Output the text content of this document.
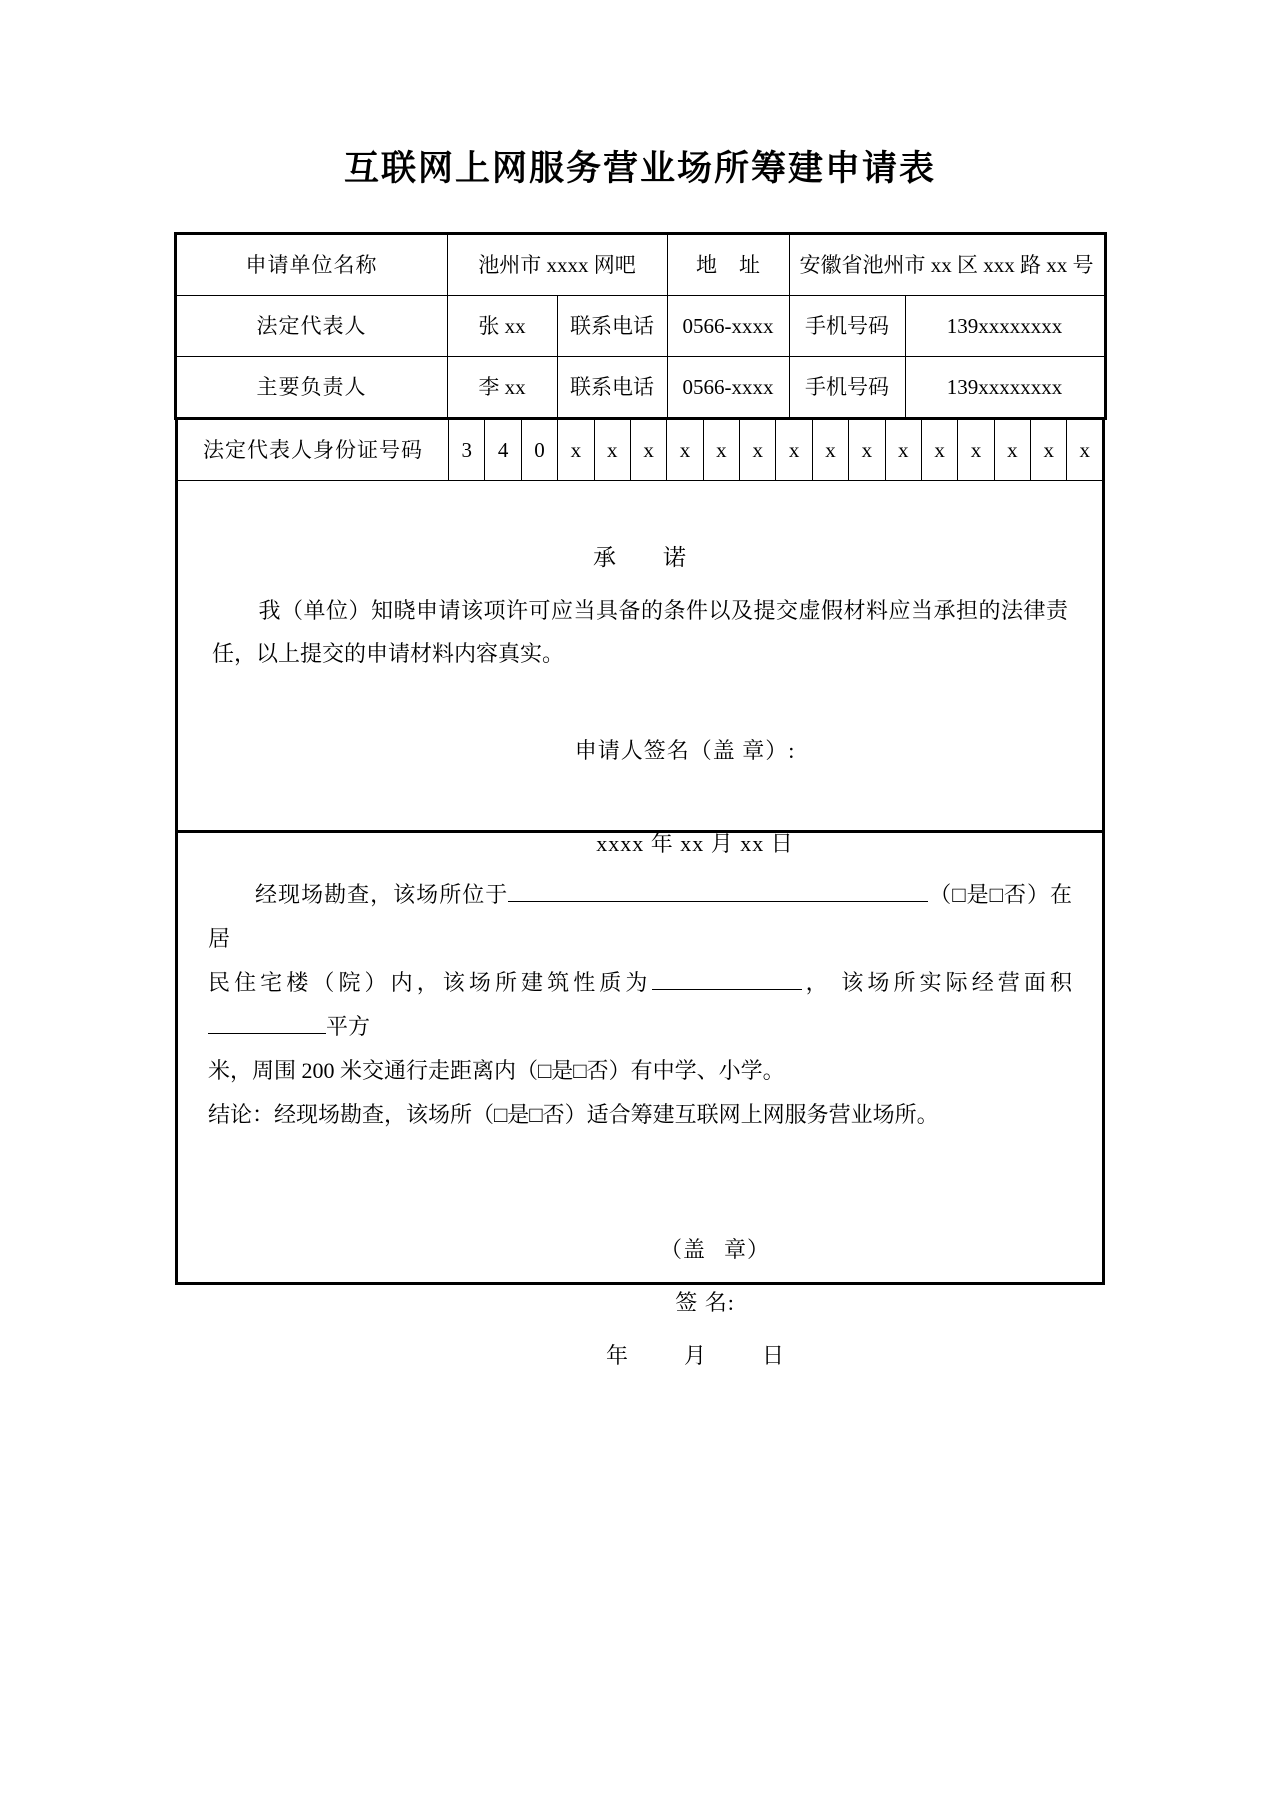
互联网上网服务营业场所筹建申请表
申请单位名称	池州市 xxxx 网吧		地址	安徽省池州市 xx 区 xxx 路 xx 号	
法定代表人	张 xx	联系电话	0566-xxxx	手机号码	139xxxxxxxx
主要负责人	李 xx	联系电话	0566-xxxx	手机号码	139xxxxxxxx
法定代表人身份证号码	3	4	0	x	x	x	x	x	x	x	x	x	x	x	x	x	x	x
承 诺
我（单位）知晓申请该项许可应当具备的条件以及提交虚假材料应当承担的法律责任，以上提交的申请材料内容真实。
申请人签名（盖 章）:
xxxx 年 xx 月 xx 日
经现场勘查，该场所位于	（□是□否）在居
民住宅楼（院）内，该场所建筑性质为	， 该场所实际经营面积平方
米，周围 200 米交通行走距离内（□是□否）有中学、小学。
结论：经现场勘查，该场所（□是□否）适合筹建互联网上网服务营业场所。
（盖 章）
签 名:
年	月	日
